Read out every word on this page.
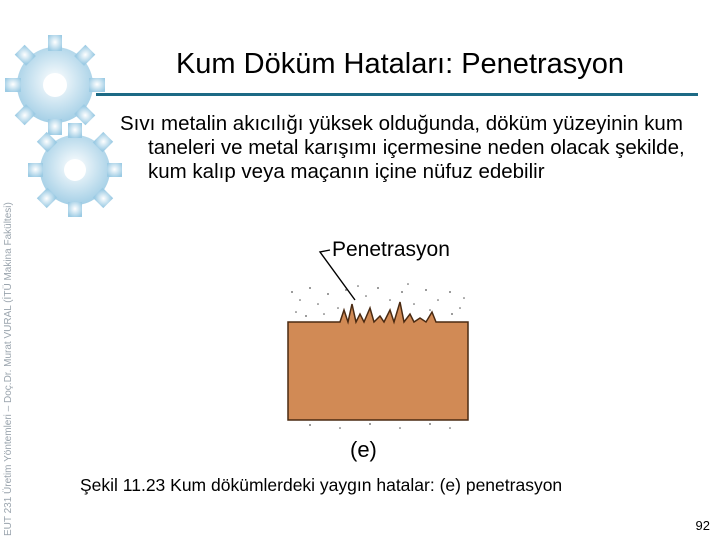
EUT 231 Üretim Yöntemleri – Doç.Dr. Murat VURAL (İTÜ Makina Fakültesi)
Kum Döküm Hataları: Penetrasyon

Sıvı metalin akıcılığı yüksek olduğunda, döküm yüzeyinin kum taneleri ve metal karışımı içermesine neden olacak şekilde, kum kalıp veya maçanın içine nüfuz edebilir

Penetrasyon
(e)
Şekil 11.23 Kum dökümlerdeki yaygın hatalar: (e) penetrasyon
92
